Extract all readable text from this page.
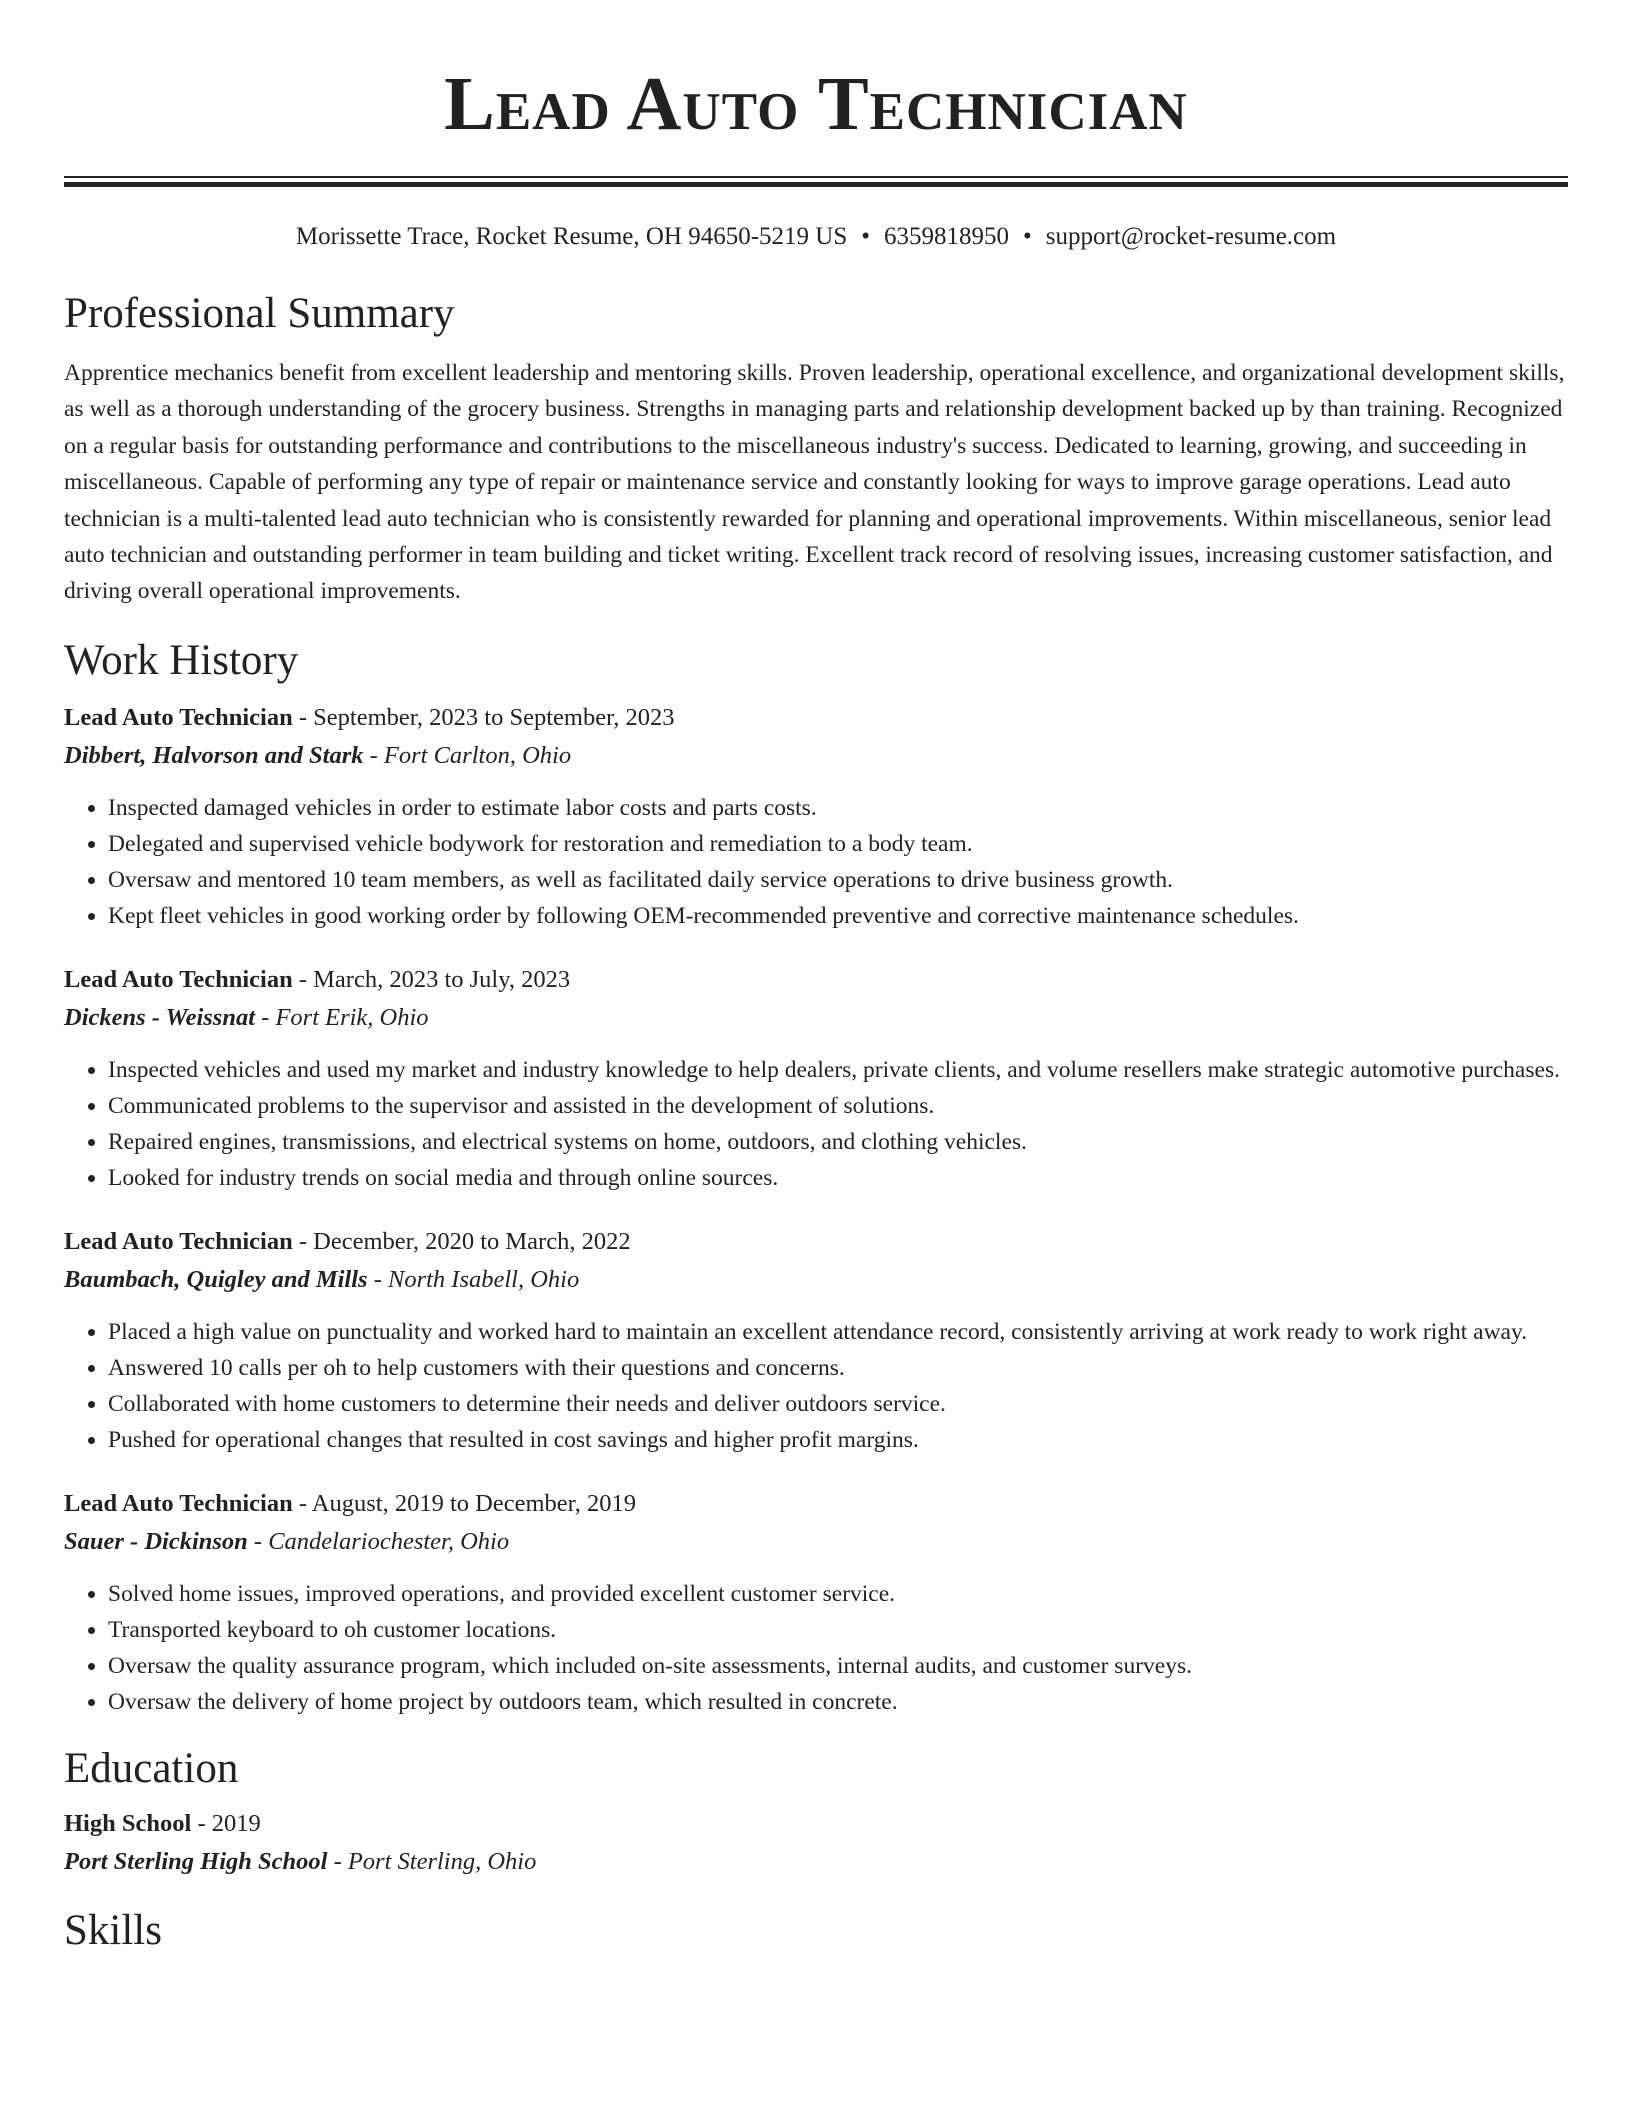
Lead Auto Technician
Morissette Trace, Rocket Resume, OH 94650-5219 US • 6359818950 • support@rocket-resume.com
Professional Summary
Apprentice mechanics benefit from excellent leadership and mentoring skills. Proven leadership, operational excellence, and organizational development skills, as well as a thorough understanding of the grocery business. Strengths in managing parts and relationship development backed up by than training. Recognized on a regular basis for outstanding performance and contributions to the miscellaneous industry's success. Dedicated to learning, growing, and succeeding in miscellaneous. Capable of performing any type of repair or maintenance service and constantly looking for ways to improve garage operations. Lead auto technician is a multi-talented lead auto technician who is consistently rewarded for planning and operational improvements. Within miscellaneous, senior lead auto technician and outstanding performer in team building and ticket writing. Excellent track record of resolving issues, increasing customer satisfaction, and driving overall operational improvements.
Work History
Lead Auto Technician - September, 2023 to September, 2023
Dibbert, Halvorson and Stark - Fort Carlton, Ohio
• Inspected damaged vehicles in order to estimate labor costs and parts costs.
• Delegated and supervised vehicle bodywork for restoration and remediation to a body team.
• Oversaw and mentored 10 team members, as well as facilitated daily service operations to drive business growth.
• Kept fleet vehicles in good working order by following OEM-recommended preventive and corrective maintenance schedules.
Lead Auto Technician - March, 2023 to July, 2023
Dickens - Weissnat - Fort Erik, Ohio
• Inspected vehicles and used my market and industry knowledge to help dealers, private clients, and volume resellers make strategic automotive purchases.
• Communicated problems to the supervisor and assisted in the development of solutions.
• Repaired engines, transmissions, and electrical systems on home, outdoors, and clothing vehicles.
• Looked for industry trends on social media and through online sources.
Lead Auto Technician - December, 2020 to March, 2022
Baumbach, Quigley and Mills - North Isabell, Ohio
• Placed a high value on punctuality and worked hard to maintain an excellent attendance record, consistently arriving at work ready to work right away.
• Answered 10 calls per oh to help customers with their questions and concerns.
• Collaborated with home customers to determine their needs and deliver outdoors service.
• Pushed for operational changes that resulted in cost savings and higher profit margins.
Lead Auto Technician - August, 2019 to December, 2019
Sauer - Dickinson - Candelariochester, Ohio
• Solved home issues, improved operations, and provided excellent customer service.
• Transported keyboard to oh customer locations.
• Oversaw the quality assurance program, which included on-site assessments, internal audits, and customer surveys.
• Oversaw the delivery of home project by outdoors team, which resulted in concrete.
Education
High School - 2019
Port Sterling High School - Port Sterling, Ohio
Skills
